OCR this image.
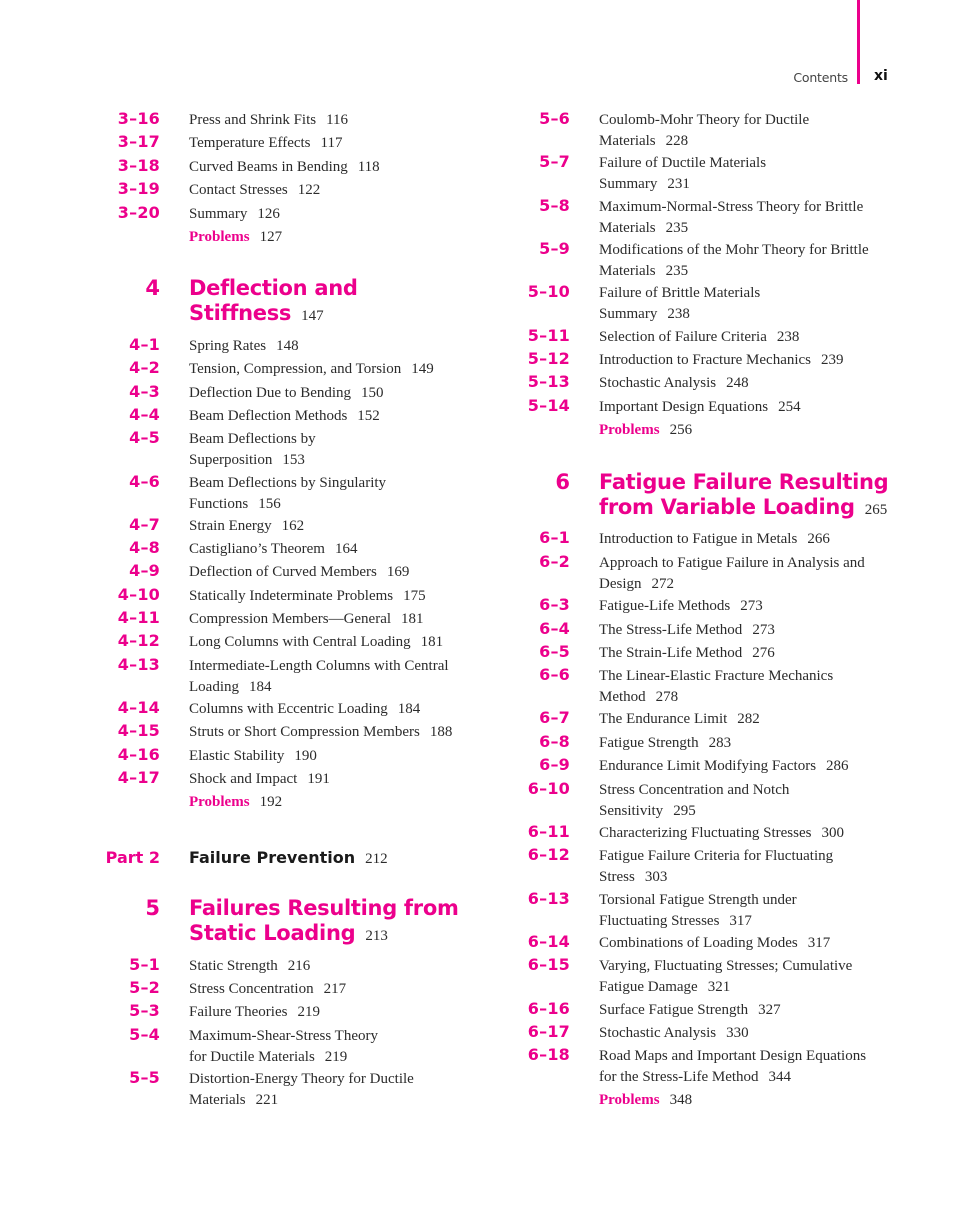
Contents xi
3–16 Press and Shrink Fits 116
3–17 Temperature Effects 117
3–18 Curved Beams in Bending 118
3–19 Contact Stresses 122
3–20 Summary 126
Problems 127
4 Deflection and
Stiffness 147
4–1 Spring Rates 148
4–2 Tension, Compression, and Torsion 149
4–3 Deflection Due to Bending 150
4–4 Beam Deflection Methods 152
4–5 Beam Deflections by
Superposition 153
4–6 Beam Deflections by Singularity
Functions 156
4–7 Strain Energy 162
4–8 Castigliano’s Theorem 164
4–9 Deflection of Curved Members 169
4–10 Statically Indeterminate Problems 175
4–11 Compression Members—General 181
4–12 Long Columns with Central Loading 181
4–13 Intermediate-Length Columns with Central
Loading 184
4–14 Columns with Eccentric Loading 184
4–15 Struts or Short Compression Members 188
4–16 Elastic Stability 190
4–17 Shock and Impact 191
Problems 192
Part 2 Failure Prevention 212
5 Failures Resulting from
Static Loading 213
5–1 Static Strength 216
5–2 Stress Concentration 217
5–3 Failure Theories 219
5–4 Maximum-Shear-Stress Theory
for Ductile Materials 219
5–5 Distortion-Energy Theory for Ductile
Materials 221
5–6 Coulomb-Mohr Theory for Ductile
Materials 228
5–7 Failure of Ductile Materials
Summary 231
5–8 Maximum-Normal-Stress Theory for Brittle
Materials 235
5–9 Modifications of the Mohr Theory for Brittle
Materials 235
5–10 Failure of Brittle Materials
Summary 238
5–11 Selection of Failure Criteria 238
5–12 Introduction to Fracture Mechanics 239
5–13 Stochastic Analysis 248
5–14 Important Design Equations 254
Problems 256
6 Fatigue Failure Resulting
from Variable Loading 265
6–1 Introduction to Fatigue in Metals 266
6–2 Approach to Fatigue Failure in Analysis and
Design 272
6–3 Fatigue-Life Methods 273
6–4 The Stress-Life Method 273
6–5 The Strain-Life Method 276
6–6 The Linear-Elastic Fracture Mechanics
Method 278
6–7 The Endurance Limit 282
6–8 Fatigue Strength 283
6–9 Endurance Limit Modifying Factors 286
6–10 Stress Concentration and Notch
Sensitivity 295
6–11 Characterizing Fluctuating Stresses 300
6–12 Fatigue Failure Criteria for Fluctuating
Stress 303
6–13 Torsional Fatigue Strength under
Fluctuating Stresses 317
6–14 Combinations of Loading Modes 317
6–15 Varying, Fluctuating Stresses; Cumulative
Fatigue Damage 321
6–16 Surface Fatigue Strength 327
6–17 Stochastic Analysis 330
6–18 Road Maps and Important Design Equations
for the Stress-Life Method 344
Problems 348
